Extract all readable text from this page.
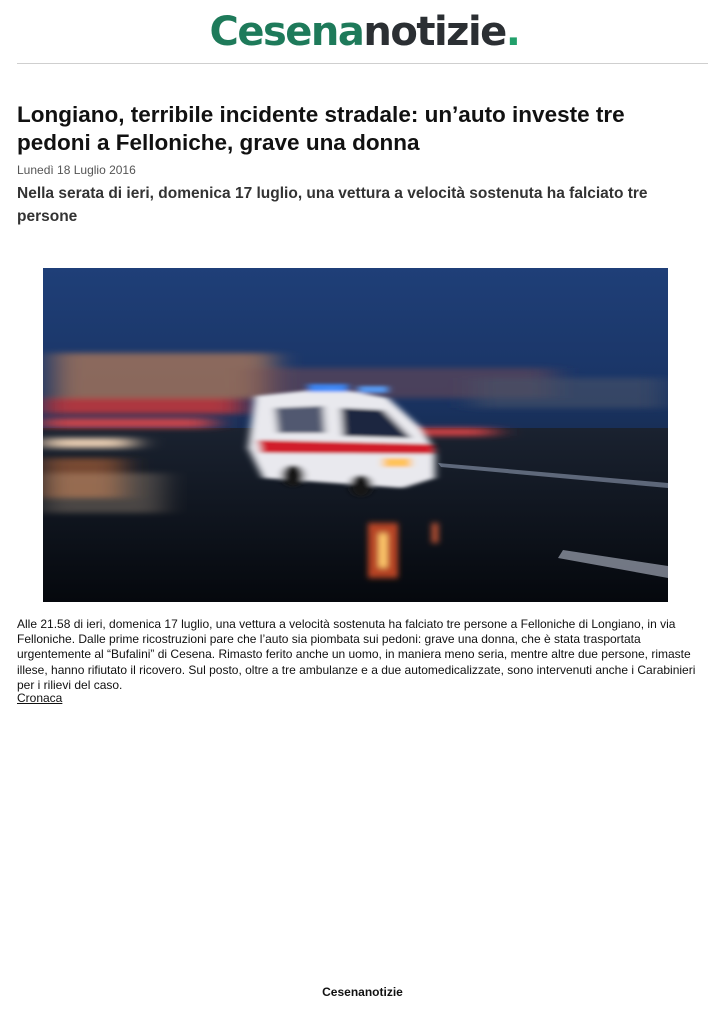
Cesenanotizie.
Longiano, terribile incidente stradale: un’auto investe tre pedoni a Felloniche, grave una donna
Lunedì 18 Luglio 2016
Nella serata di ieri, domenica 17 luglio, una vettura a velocità sostenuta ha falciato tre persone

Alle 21.58 di ieri, domenica 17 luglio, una vettura a velocità sostenuta ha falciato tre persone a Felloniche di Longiano, in via Felloniche. Dalle prime ricostruzioni pare che l’auto sia piombata sui pedoni: grave una donna, che è stata trasportata urgentemente al “Bufalini” di Cesena. Rimasto ferito anche un uomo, in maniera meno seria, mentre altre due persone, rimaste illese, hanno rifiutato il ricovero. Sul posto, oltre a tre ambulanze e a due automedicalizzate, sono intervenuti anche i Carabinieri per i rilievi del caso.

Cronaca
Cesenanotizie
